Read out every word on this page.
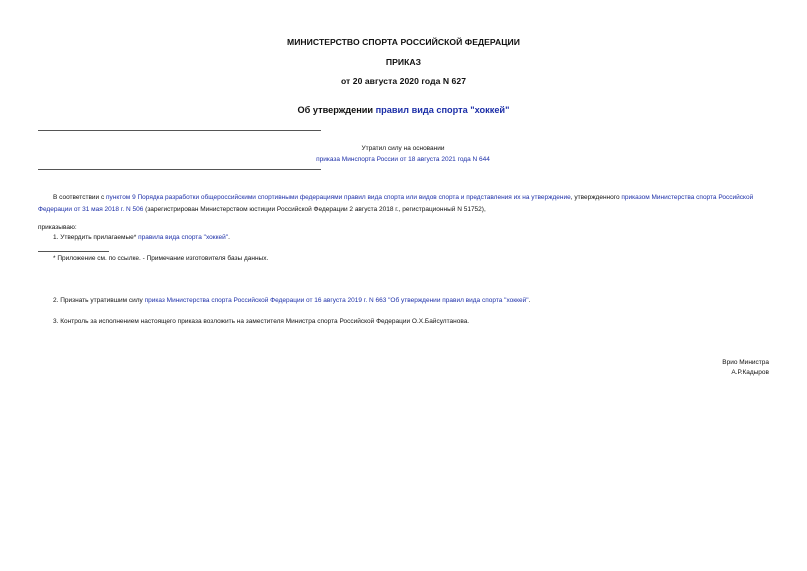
МИНИСТЕРСТВО СПОРТА РОССИЙСКОЙ ФЕДЕРАЦИИ
ПРИКАЗ
от 20 августа 2020 года N 627
Об утверждении правил вида спорта "хоккей"
Утратил силу на основании
приказа Минспорта России от 18 августа 2021 года N 644
В соответствии с пунктом 9 Порядка разработки общероссийскими спортивными федерациями правил вида спорта или видов спорта и представления их на утверждение, утвержденного приказом Министерства спорта Российской Федерации от 31 мая 2018 г. N 506 (зарегистрирован Министерством юстиции Российской Федерации 2 августа 2018 г., регистрационный N 51752),
приказываю:
1. Утвердить прилагаемые* правила вида спорта "хоккей".
* Приложение см. по ссылке. - Примечание изготовителя базы данных.
2. Признать утратившим силу приказ Министерства спорта Российской Федерации от 16 августа 2019 г. N 663 "Об утверждении правил вида спорта "хоккей".
3. Контроль за исполнением настоящего приказа возложить на заместителя Министра спорта Российской Федерации О.Х.Байсултанова.
Врио Министра
А.Р.Кадыров
